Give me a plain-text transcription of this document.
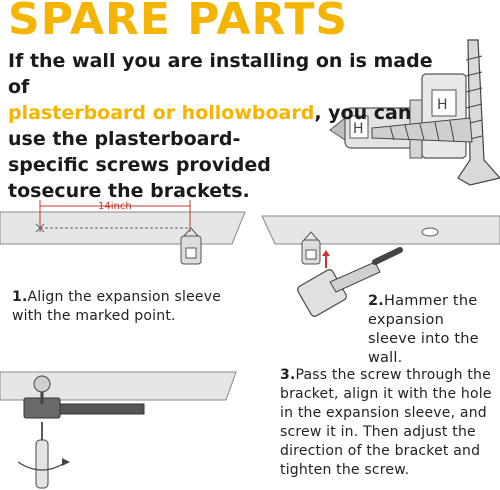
H
H
14inch
SPARE PARTS
If the wall you are installing on is made of
plasterboard or hollowboard, you can
use the plasterboard-specific screws provided tosecure the brackets.
1.Align the expansion sleeve with the marked point.
2.Hammer the expansion sleeve into the wall.
3.Pass the screw through the bracket, align it with the hole in the expansion sleeve, and screw it in. Then adjust the direction of the bracket and tighten the screw.
